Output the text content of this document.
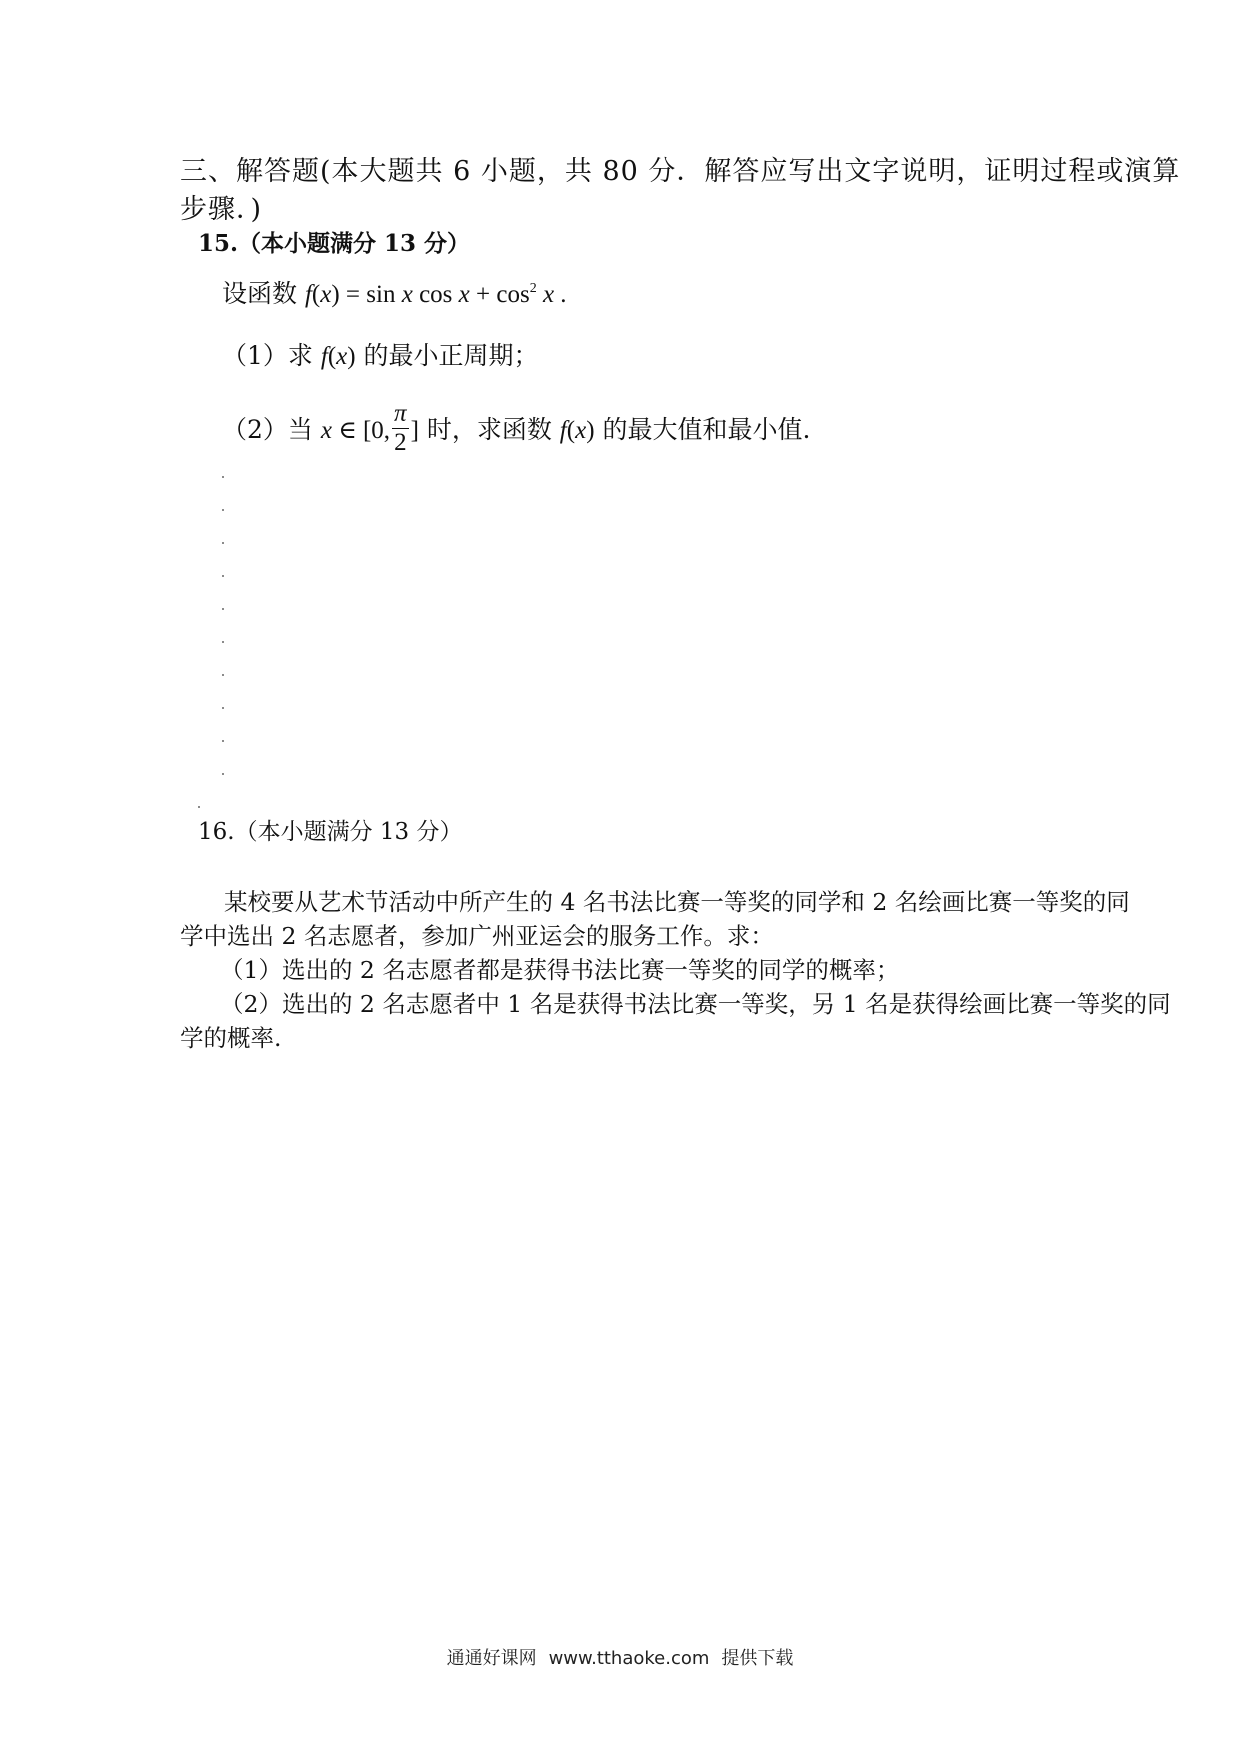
三、解答题(本大题共 6 小题，共 80 分．解答应写出文字说明，证明过程或演算
步骤．)
15.（本小题满分 13 分）
设函数 f(x) = sin x $\cos x + \cos^2 x$ .
（1）求 f(x) 的最小正周期；
（2）当 x ∈ [0, $\frac{\pi}{2}$ ] 时，求函数 f(x) 的最大值和最小值.
16.（本小题满分 13 分）
某校要从艺术节活动中所产生的 4 名书法比赛一等奖的同学和 2 名绘画比赛一等奖的同
学中选出 2 名志愿者，参加广州亚运会的服务工作。求：
（1）选出的 2 名志愿者都是获得书法比赛一等奖的同学的概率；
（2）选出的 2 名志愿者中 1 名是获得书法比赛一等奖，另 1 名是获得绘画比赛一等奖的同
学的概率.
通通好课网 www.tthaoke.com 提供下载
